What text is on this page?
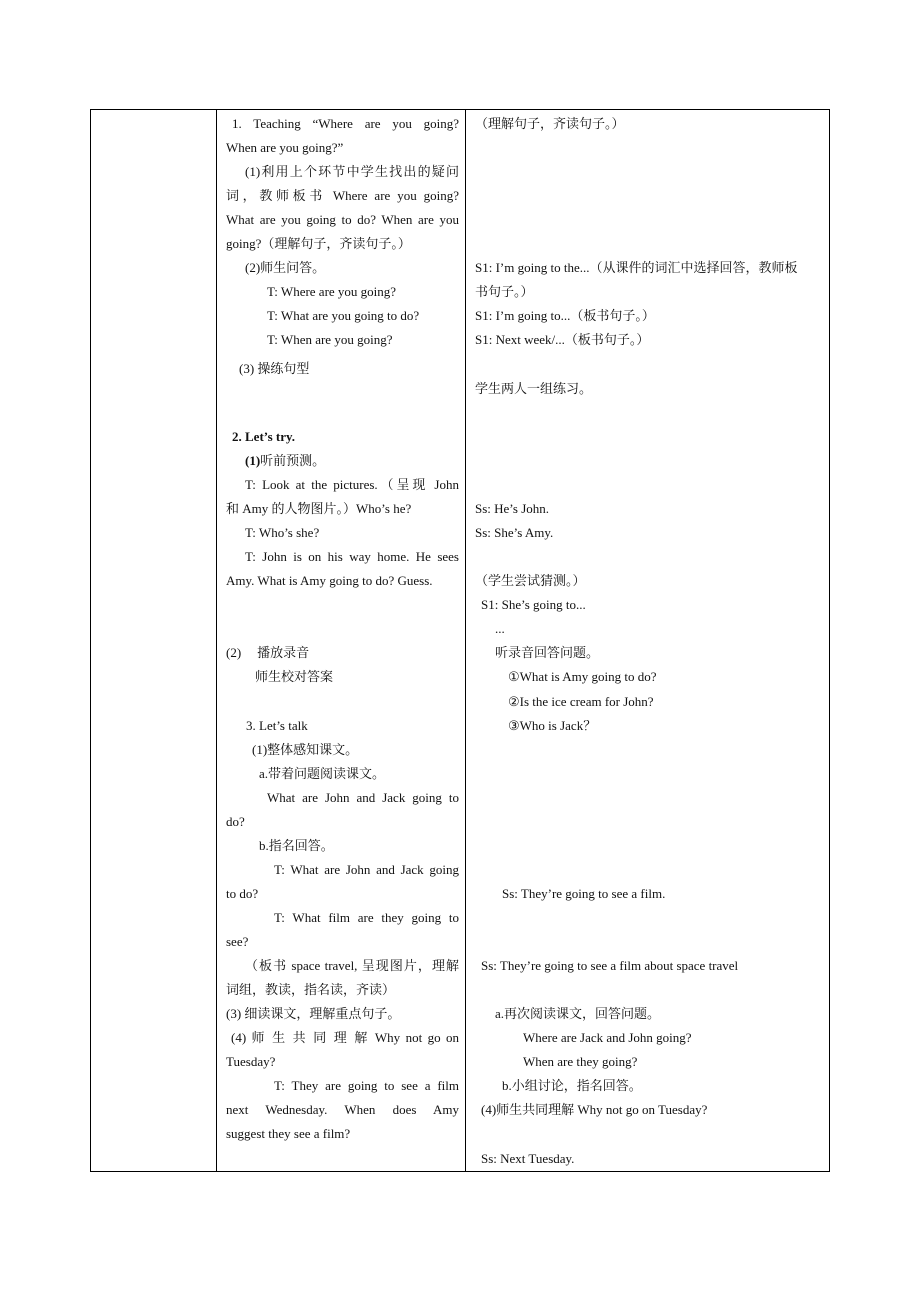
1. Teaching “Where are you going?
When are you going?”
(1)利用上个环节中学生找出的疑问
词，教师板书 Where are you going?
What are you going to do? When are you
going?（理解句子，齐读句子。）
(2)师生问答。
T: Where are you going?
T: What are you going to do?
T: When are you going?
(3) 操练句型
2. Let’s try.
(1)听前预测。
T: Look at the pictures.（呈现 John
和 Amy 的人物图片。）Who’s he?
T: Who’s she?
T: John is on his way home. He sees
Amy. What is Amy going to do? Guess.
(2) 播放录音
师生校对答案
3. Let’s talk
(1)整体感知课文。
a.带着问题阅读课文。
What are John and Jack going to
do?
b.指名回答。
T: What are John and Jack going
to do?
T: What film are they going to
see?
（板书 space travel, 呈现图片，理解
词组，教读，指名读，齐读）
(3) 细读课文，理解重点句子。
(4) 师 生 共 同 理 解 Why not go on
Tuesday?
T: They are going to see a film
next Wednesday. When does Amy
suggest they see a film?
（理解句子，齐读句子。）
S1: I’m going to the...（从课件的词汇中选择回答，教师板
书句子。）
S1: I’m going to...（板书句子。）
S1: Next week/...（板书句子。）
学生两人一组练习。
Ss: He’s John.
Ss: She’s Amy.
（学生尝试猜测。）
S1: She’s going to...
...
听录音回答问题。
①What is Amy going to do?
②Is the ice cream for John?
③Who is Jack？
Ss: They’re going to see a film.
Ss: They’re going to see a film about space travel
a.再次阅读课文，回答问题。
Where are Jack and John going?
When are they going?
b.小组讨论，指名回答。
(4)师生共同理解 Why not go on Tuesday?
Ss: Next Tuesday.
